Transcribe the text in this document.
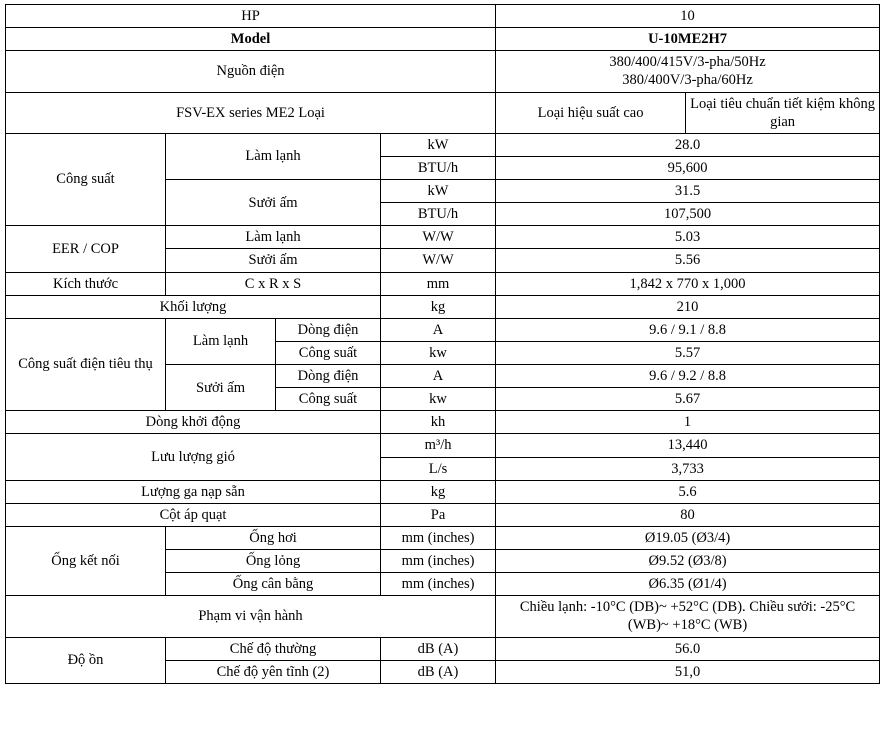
HP				10	
Model				U-10ME2H7	
Nguồn điện				380/400/415V/3-pha/50Hz
380/400V/3-pha/60Hz	
FSV-EX series ME2 Loại				Loại hiệu suất cao	Loại tiêu chuẩn tiết kiệm không gian
Công suất	Làm lạnh		kW	28.0	
			BTU/h	95,600	
	Sưởi ấm		kW	31.5	
			BTU/h	107,500	
EER / COP	Làm lạnh		W/W	5.03	
	Sưởi ấm		W/W	5.56	
Kích thước	C x R x S		mm	1,842 x 770 x 1,000	
Khối lượng			kg	210	
Công suất điện tiêu thụ	Làm lạnh	Dòng điện	A	9.6 / 9.1 / 8.8	
		Công suất	kw	5.57	
	Sưởi ấm	Dòng điện	A	9.6 / 9.2 / 8.8	
		Công suất	kw	5.67	
Dòng khởi động			kh	1	
Lưu lượng gió			m³/h	13,440	
			L/s	3,733	
Lượng ga nạp sẵn			kg	5.6	
Cột áp quạt			Pa	80	
Ống kết nối	Ống hơi		mm (inches)	Ø19.05 (Ø3/4)	
	Ống lỏng		mm (inches)	Ø9.52 (Ø3/8)	
	Ống cân bằng		mm (inches)	Ø6.35 (Ø1/4)	
Phạm vi vận hành				Chiều lạnh: -10°C (DB)~ +52°C (DB). Chiều sưởi: -25°C (WB)~ +18°C (WB)	
Độ ồn	Chế độ thường		dB (A)	56.0	
	Chế độ yên tĩnh (2)		dB (A)	51,0	
